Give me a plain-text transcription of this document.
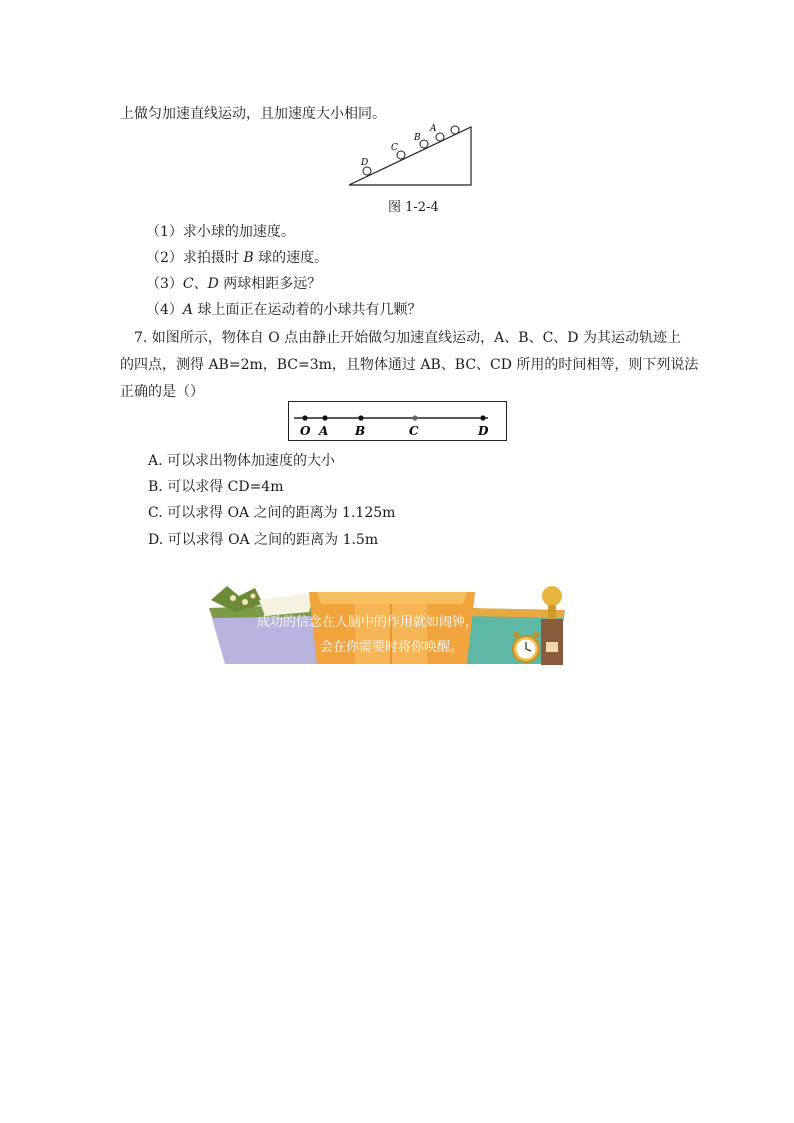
上做匀加速直线运动，且加速度大小相同。
D
C
B
A
图 1-2-4
（1）求小球的加速度。
（2）求拍摄时 B 球的速度。
（3）C、D 两球相距多远？
（4）A 球上面正在运动着的小球共有几颗？
7. 如图所示，物体自 O 点由静止开始做匀加速直线运动，A、B、C、D 为其运动轨迹上
的四点，测得 AB=2m，BC=3m，且物体通过 AB、BC、CD 所用的时间相等，则下列说法
正确的是（）
O A B	C	D
A. 可以求出物体加速度的大小
B. 可以求得 CD=4m
C. 可以求得 OA 之间的距离为 1.125m
D. 可以求得 OA 之间的距离为 1.5m
成功的信念在人脑中的作用就如闹钟，
会在你需要时将你唤醒。
